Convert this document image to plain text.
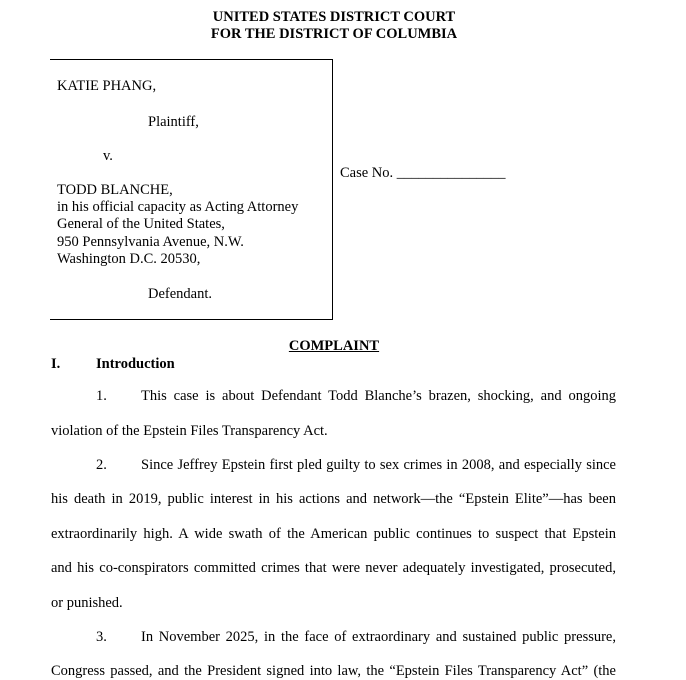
UNITED STATES DISTRICT COURT
FOR THE DISTRICT OF COLUMBIA
KATIE PHANG,
Plaintiff,
v.
TODD BLANCHE,
in his official capacity as Acting Attorney
General of the United States,
950 Pennsylvania Avenue, N.W.
Washington D.C. 20530,
Defendant.
Case No. _______________
COMPLAINT
I. Introduction
1. This case is about Defendant Todd Blanche’s brazen, shocking, and ongoing
violation of the Epstein Files Transparency Act.
2. Since Jeffrey Epstein first pled guilty to sex crimes in 2008, and especially since
his death in 2019, public interest in his actions and network—the “Epstein Elite”—has been
extraordinarily high. A wide swath of the American public continues to suspect that Epstein
and his co-conspirators committed crimes that were never adequately investigated, prosecuted,
or punished.
3. In November 2025, in the face of extraordinary and sustained public pressure,
Congress passed, and the President signed into law, the “Epstein Files Transparency Act” (the
